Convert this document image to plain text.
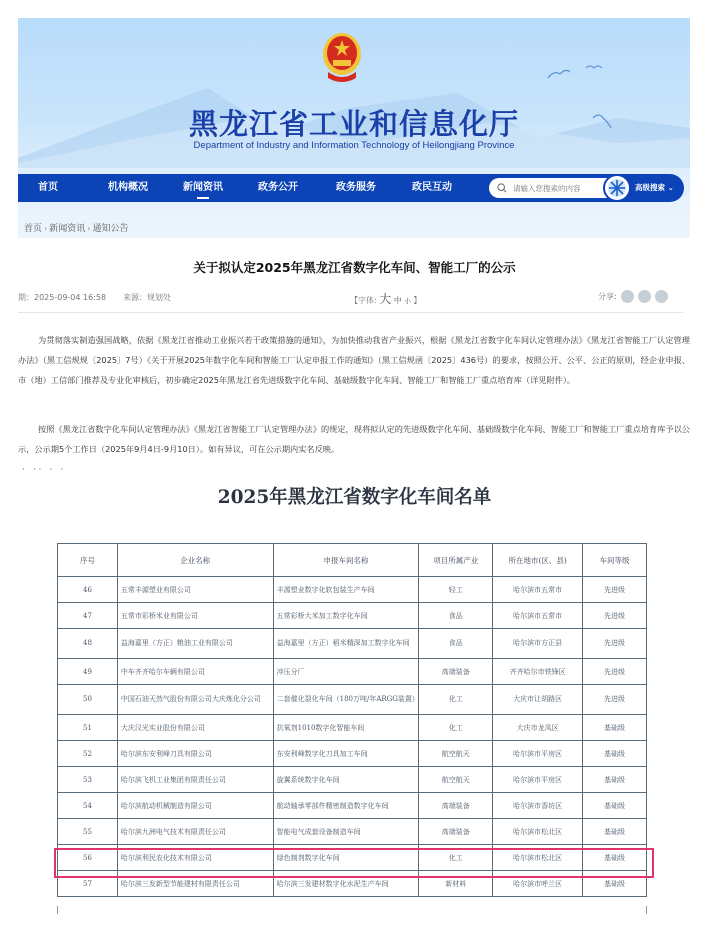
黑龙江省工业和信息化厅
Department of Industry and Information Technology of Heilongjiang Province
首页	机构概况	新闻资讯	政务公开	政务服务	政民互动
请输入您搜索的内容	高级搜索 ⌄
首页 › 新闻资讯 › 通知公告
关于拟认定2025年黑龙江省数字化车间、智能工厂的公示
期：2025-09-04 16:58 来源：规划处	【字体: 大 中 小 】	分享:

为贯彻落实制造强国战略，依据《黑龙江省推动工业振兴若干政策措施的通知》，为加快推动我省产业振兴，根据《黑龙江省数字化车间认定管理办法》《黑龙江省智能工厂认定管理办法》（黑工信规规〔2025〕7号）《关于开展2025年数字化车间和智能工厂认定申报工作的通知》（黑工信规函〔2025〕436号）的要求，按照公开、公平、公正的原则，经企业申报、市（地）工信部门推荐及专业化审核后，初步确定2025年黑龙江省先进级数字化车间、基础级数字化车间、智能工厂和智能工厂重点培育库（详见附件）。

按照《黑龙江省数字化车间认定管理办法》《黑龙江省智能工厂认定管理办法》的规定，现将拟认定的先进级数字化车间、基础级数字化车间、智能工厂和智能工厂重点培育库予以公示，公示期5个工作日（2025年9月4日-9月10日）。如有异议，可在公示期内实名反映。

· ·· · ·
2025年黑龙江省数字化车间名单
序号	企业名称	申报车间名称	项目所属产业	所在地市(区、县)	车间等级
46	五常丰源塑业有限公司	丰源塑业数字化软包装生产车间	轻工	哈尔滨市五常市	先进级
47	五常市彩桥米业有限公司	五常彩桥大米加工数字化车间	食品	哈尔滨市五常市	先进级
48	益海嘉里（方正）粮油工业有限公司	益海嘉里（方正）稻米精深加工数字化车间	食品	哈尔滨市方正县	先进级
49	中车齐齐哈尔车辆有限公司	冲压分厂	高端装备	齐齐哈尔市铁锋区	先进级
50	中国石油天然气股份有限公司大庆炼化分公司	二套催化裂化车间（180万吨/年ARGG装置）	化工	大庆市让胡路区	先进级
51	大庆汉光实业股份有限公司	抗氧剂1010数字化智能车间	化工	大庆市龙凤区	基础级
52	哈尔滨东安利峰刀具有限公司	东安利峰数字化刀具加工车间	航空航天	哈尔滨市平房区	基础级
53	哈尔滨飞机工业集团有限责任公司	旋翼系统数字化车间	航空航天	哈尔滨市平房区	基础级
54	哈尔滨航动机械制造有限公司	航动轴承零部件精密制造数字化车间	高端装备	哈尔滨市香坊区	基础级
55	哈尔滨九洲电气技术有限责任公司	智能电气成套设备制造车间	高端装备	哈尔滨市松北区	基础级
56	哈尔滨利民农化技术有限公司	绿色制剂数字化车间	化工	哈尔滨市松北区	基础级
57	哈尔滨三发新型节能建材有限责任公司	哈尔滨三发建材数字化水泥生产车间	新材料	哈尔滨市呼兰区	基础级
